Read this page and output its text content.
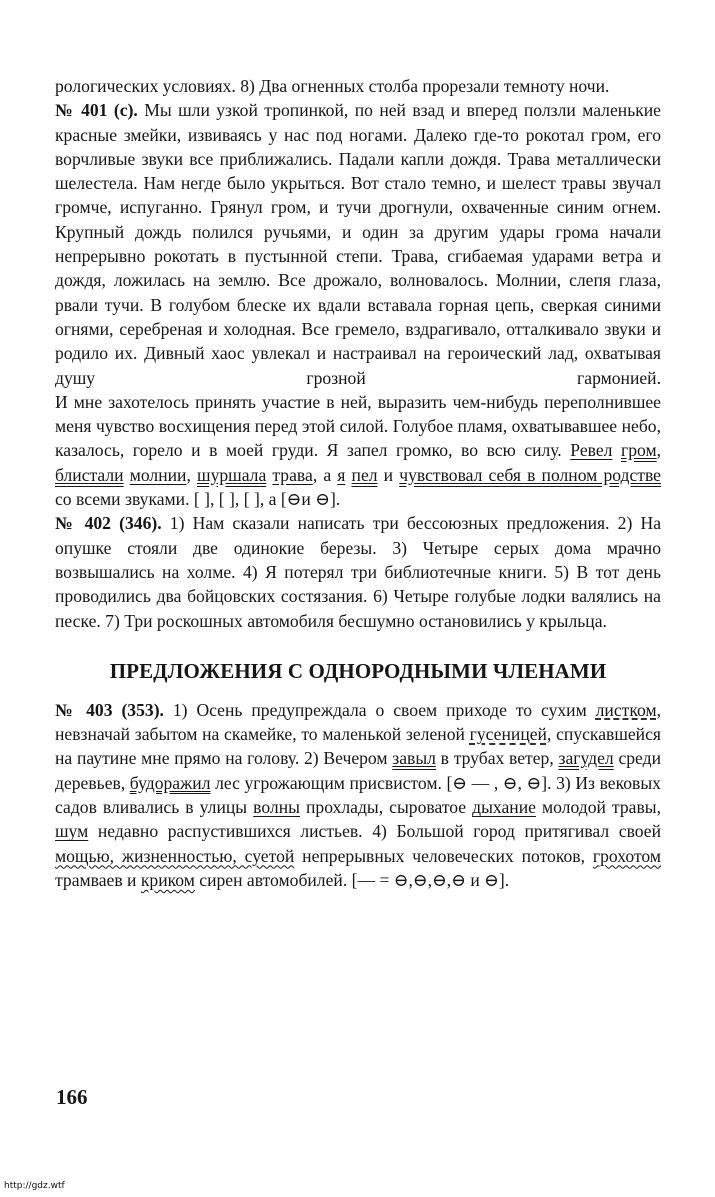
рологических условиях. 8) Два огненных столба прорезали темноту ночи.

№ 401 (с). Мы шли узкой тропинкой, по ней взад и вперед ползли маленькие красные змейки, извиваясь у нас под ногами. Далеко где-то рокотал гром, его ворчливые звуки все приближались. Падали капли дождя. Трава металлически шелестела. Нам негде было укрыться. Вот стало темно, и шелест травы звучал громче, испуганно. Грянул гром, и тучи дрогнули, охваченные синим огнем. Крупный дождь полился ручьями, и один за другим удары грома начали непрерывно рокотать в пустынной степи. Трава, сгибаемая ударами ветра и дождя, ложилась на землю. Все дрожало, волновалось. Молнии, слепя глаза, рвали тучи. В голубом блеске их вдали вставала горная цепь, сверкая синими огнями, серебреная и холодная. Все гремело, вздрагивало, отталкивало звуки и родило их. Дивный хаос увлекал и настраивал на героический лад, охватывая душу грозной гармонией.

И мне захотелось принять участие в ней, выразить чем-нибудь переполнившее меня чувство восхищения перед этой силой. Голубое пламя, охватывавшее небо, казалось, горело и в моей груди. Я запел громко, во всю силу. Ревел гром, блистали молнии, шуршала трава, а я пел и чувствовал себя в полном родстве со всеми звуками. [ ], [ ], [ ], а [⊖и ⊖].

№ 402 (346). 1) Нам сказали написать три бессоюзных предложения. 2) На опушке стояли две одинокие березы. 3) Четыре серых дома мрачно возвышались на холме. 4) Я потерял три библиотечные книги. 5) В тот день проводились два бойцовских состязания. 6) Четыре голубые лодки валялись на песке. 7) Три роскошных автомобиля бесшумно остановились у крыльца.

ПРЕДЛОЖЕНИЯ С ОДНОРОДНЫМИ ЧЛЕНАМИ

№ 403 (353). 1) Осень предупреждала о своем приходе то сухим листком, невзначай забытом на скамейке, то маленькой зеленой гусеницей, спускавшейся на паутине мне прямо на голову. 2) Вечером завыл в трубах ветер, загудел среди деревьев, будоражил лес угрожающим присвистом. [⊖ — , ⊖, ⊖]. 3) Из вековых садов вливались в улицы волны прохлады, сыроватое дыхание молодой травы, шум недавно распустившихся листьев. 4) Большой город притягивал своей мощью, жизненностью, суетой непрерывных человеческих потоков, грохотом трамваев и криком сирен автомобилей. [— = ⊖,⊖,⊖,⊖ и ⊖].

166
http://gdz.wtf
